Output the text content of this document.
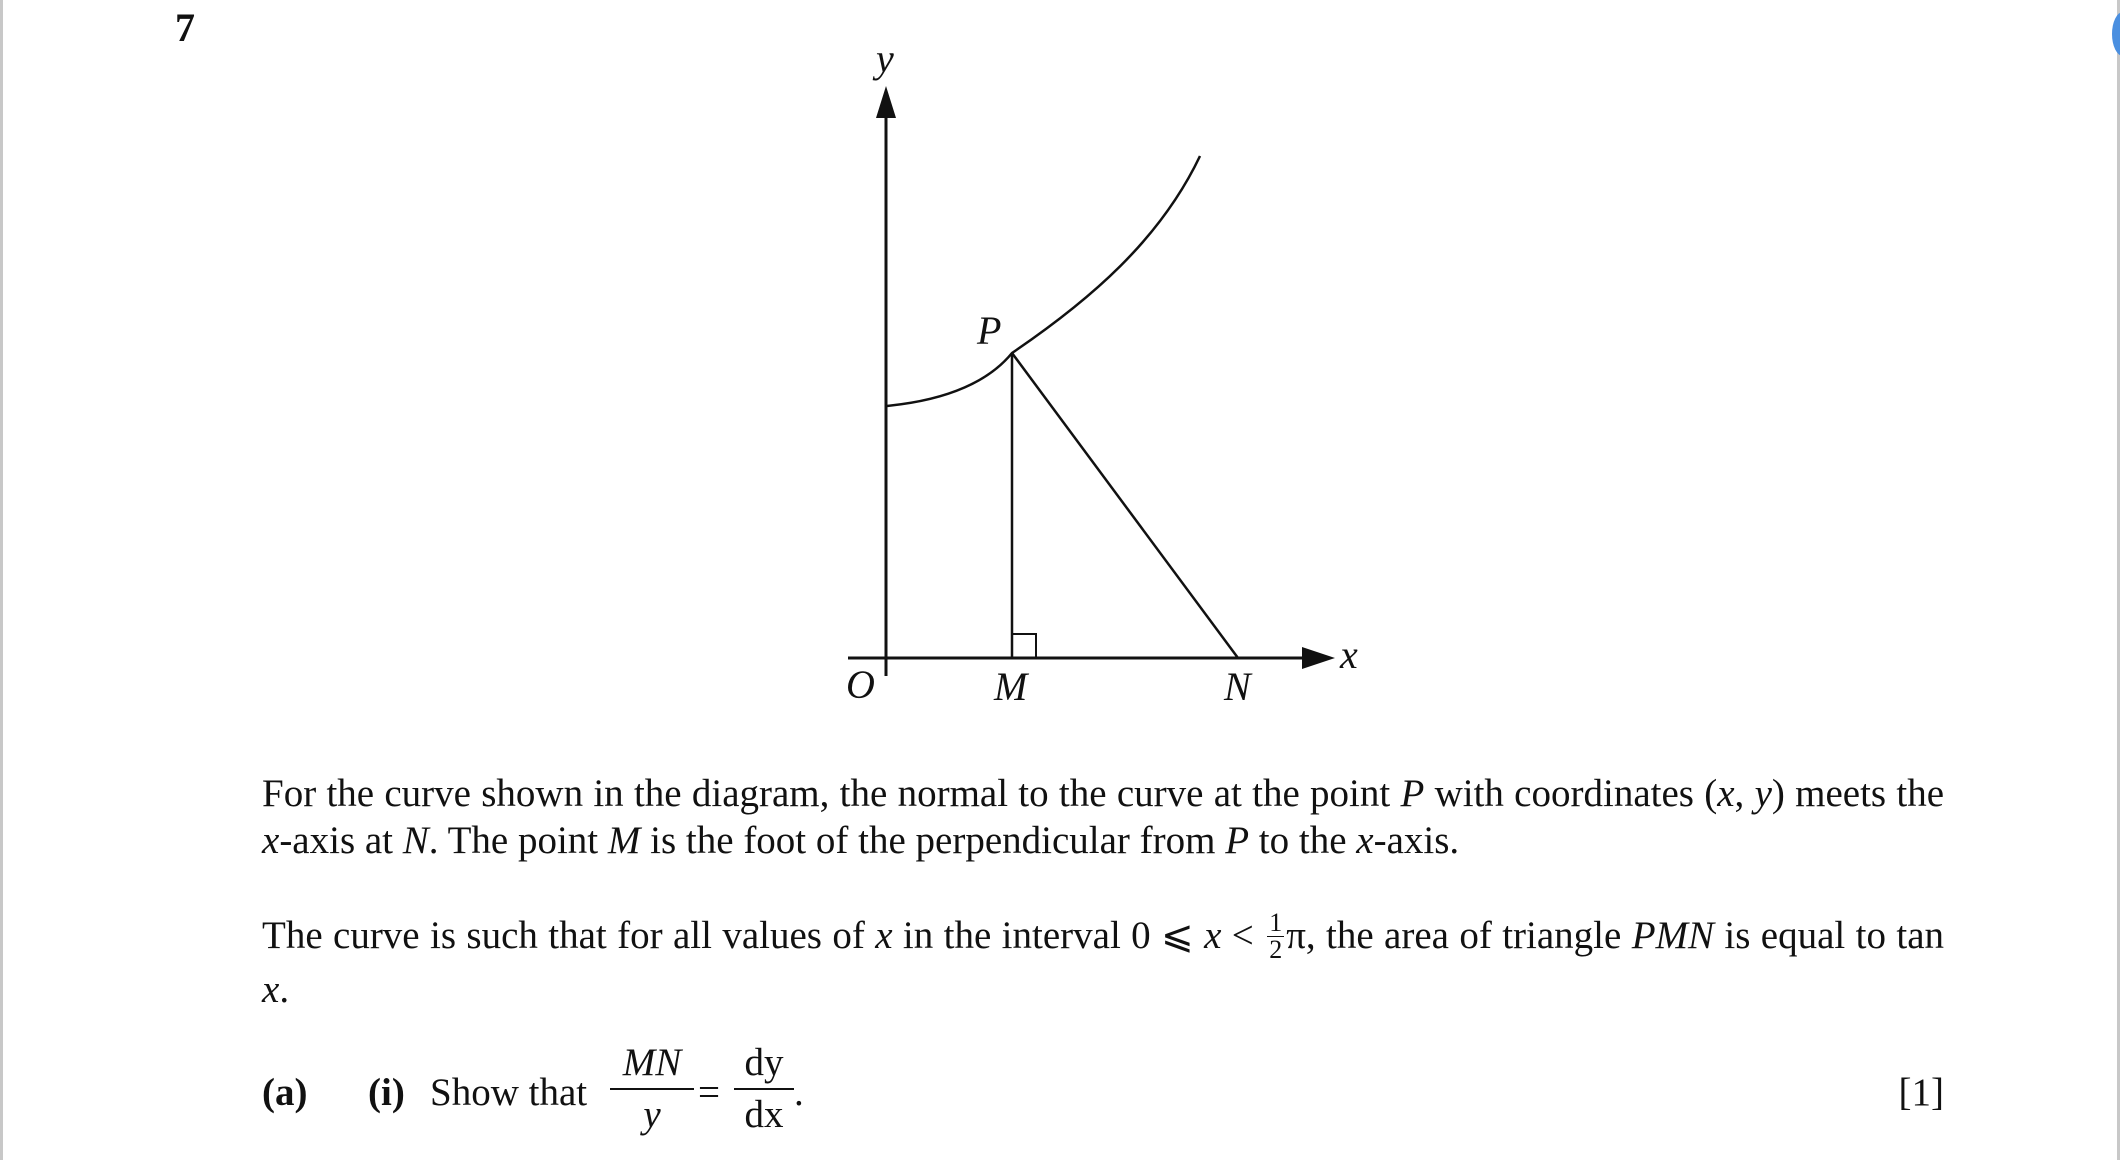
7
y
x
O
P
M	N
For the curve shown in the diagram, the normal to the curve at the point P with coordinates (x, y) meets the x-axis at N. The point M is the foot of the perpendicular from P to the x-axis.
The curve is such that for all values of x in the interval 0 ⩽ $x < \frac{1}{2} \pi$, the area of triangle PMN is equal to tan x.
(a) (i) Show that
MN
y
=
dy
dx
.	[1]
